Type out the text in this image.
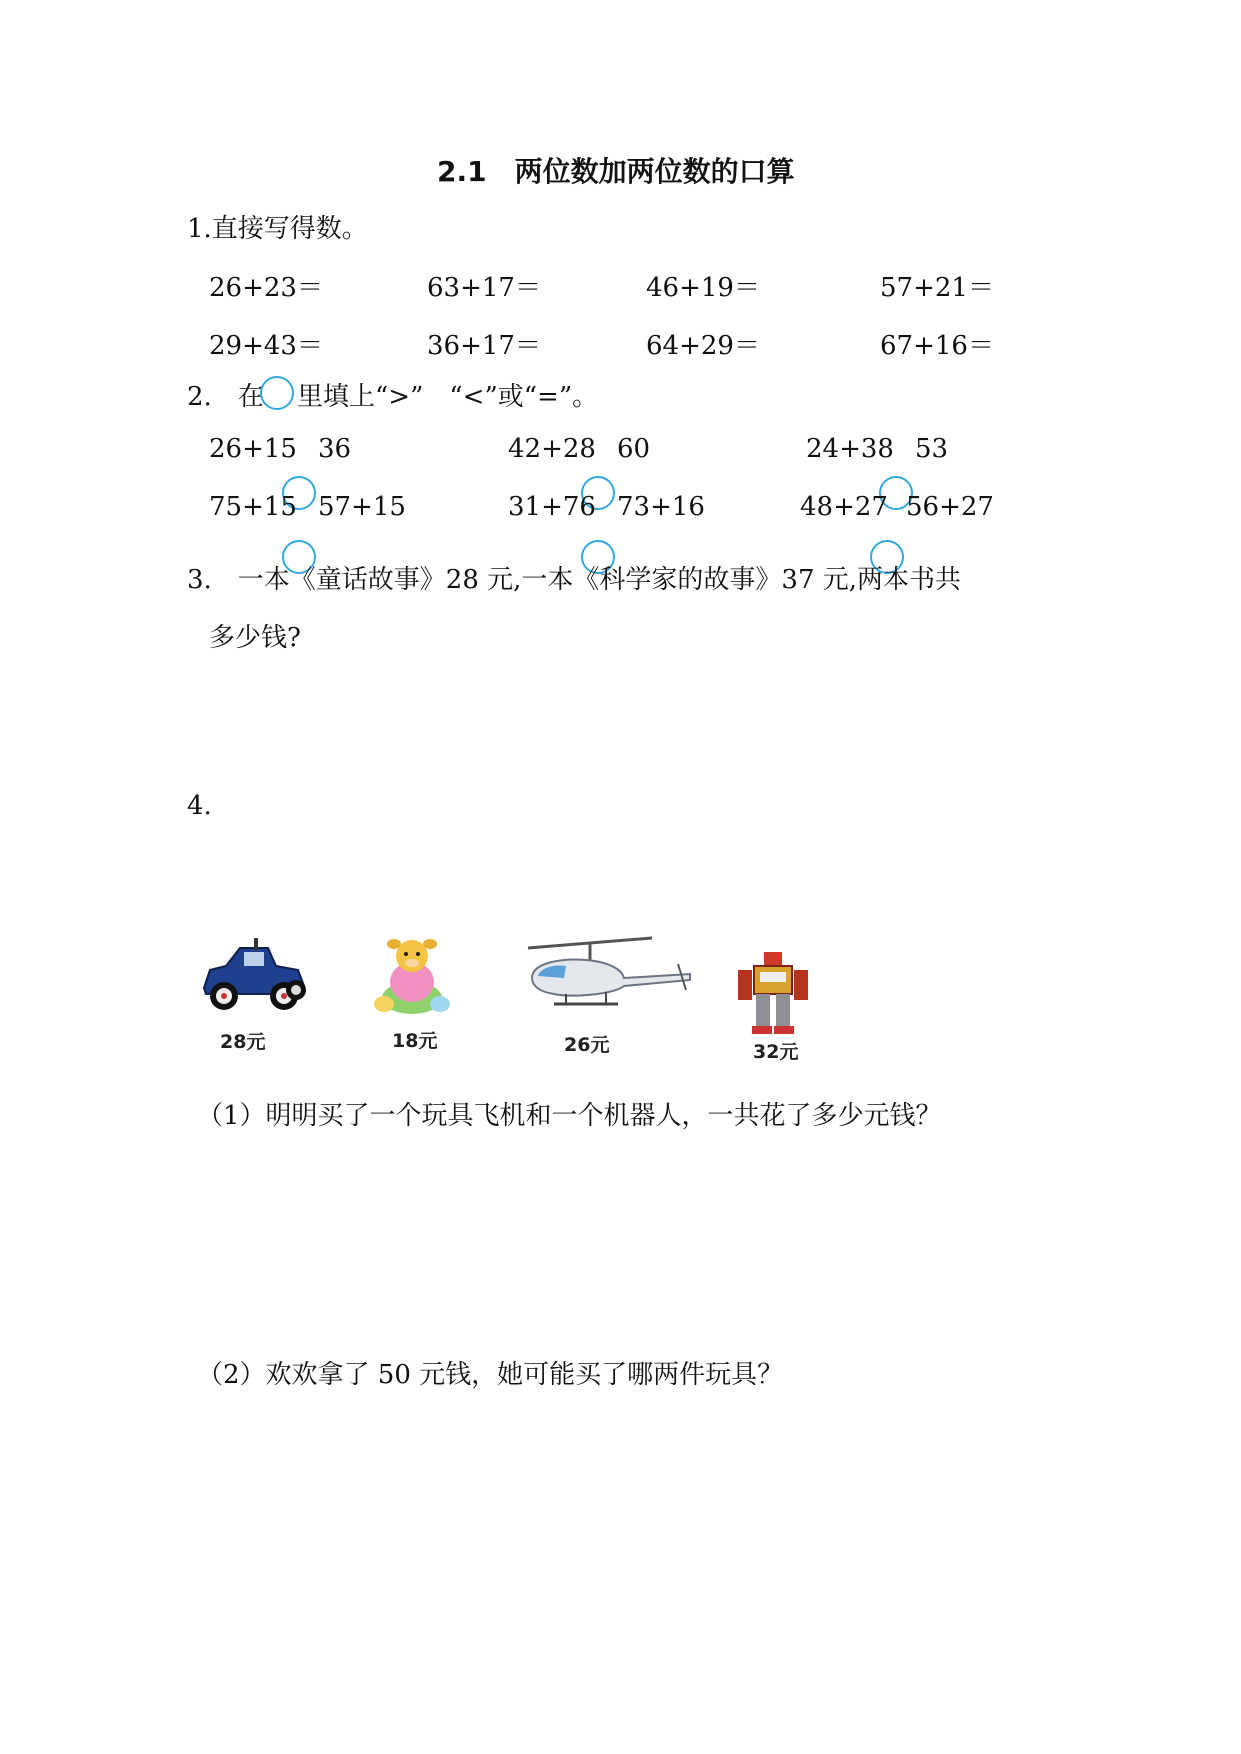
2.1　两位数加两位数的口算
1.直接写得数。
26+23＝	63+17＝	46+19＝	57+21＝
29+43＝	36+17＝	64+29＝	67+16＝
2.　在 里填上“>”　“<”或“=”。
26+15 36	42+28 60	24+38 53
75+15 57+15	31+76 73+16	48+27 56+27
3.　一本《童话故事》28 元,一本《科学家的故事》37 元,两本书共
多少钱?
4.
28元	18元	26元	32元
（1）明明买了一个玩具飞机和一个机器人，一共花了多少元钱？
（2）欢欢拿了 50 元钱，她可能买了哪两件玩具？
